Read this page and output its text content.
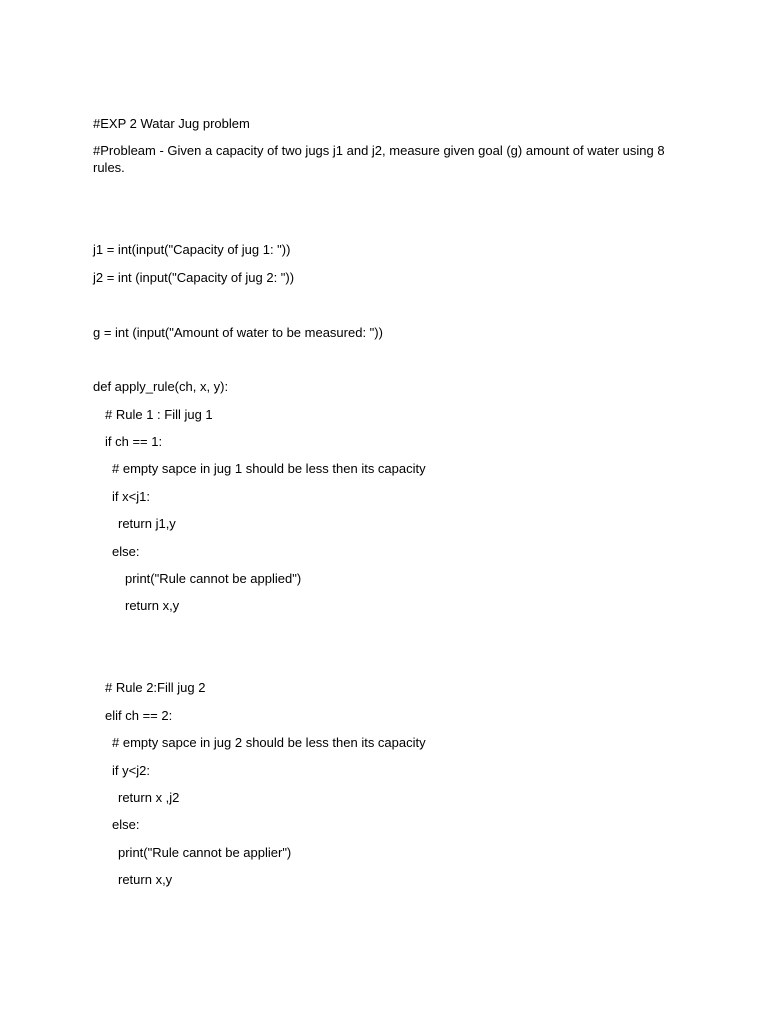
#EXP 2 Watar Jug problem
#Probleam - Given a capacity of two jugs j1 and j2, measure given goal (g) amount of water using 8 rules.
j1 = int(input("Capacity of jug 1: "))
j2 = int (input("Capacity of jug 2: "))
g = int (input("Amount of water to be measured: "))
def apply_rule(ch, x, y):
# Rule 1 : Fill jug 1
if ch == 1:
# empty sapce in jug 1 should be less then its capacity
if x<j1:
return j1,y
else:
print("Rule cannot be applied")
return x,y
# Rule 2:Fill jug 2
elif ch == 2:
# empty sapce in jug 2 should be less then its capacity
if y<j2:
return x ,j2
else:
print("Rule cannot be applier")
return x,y
